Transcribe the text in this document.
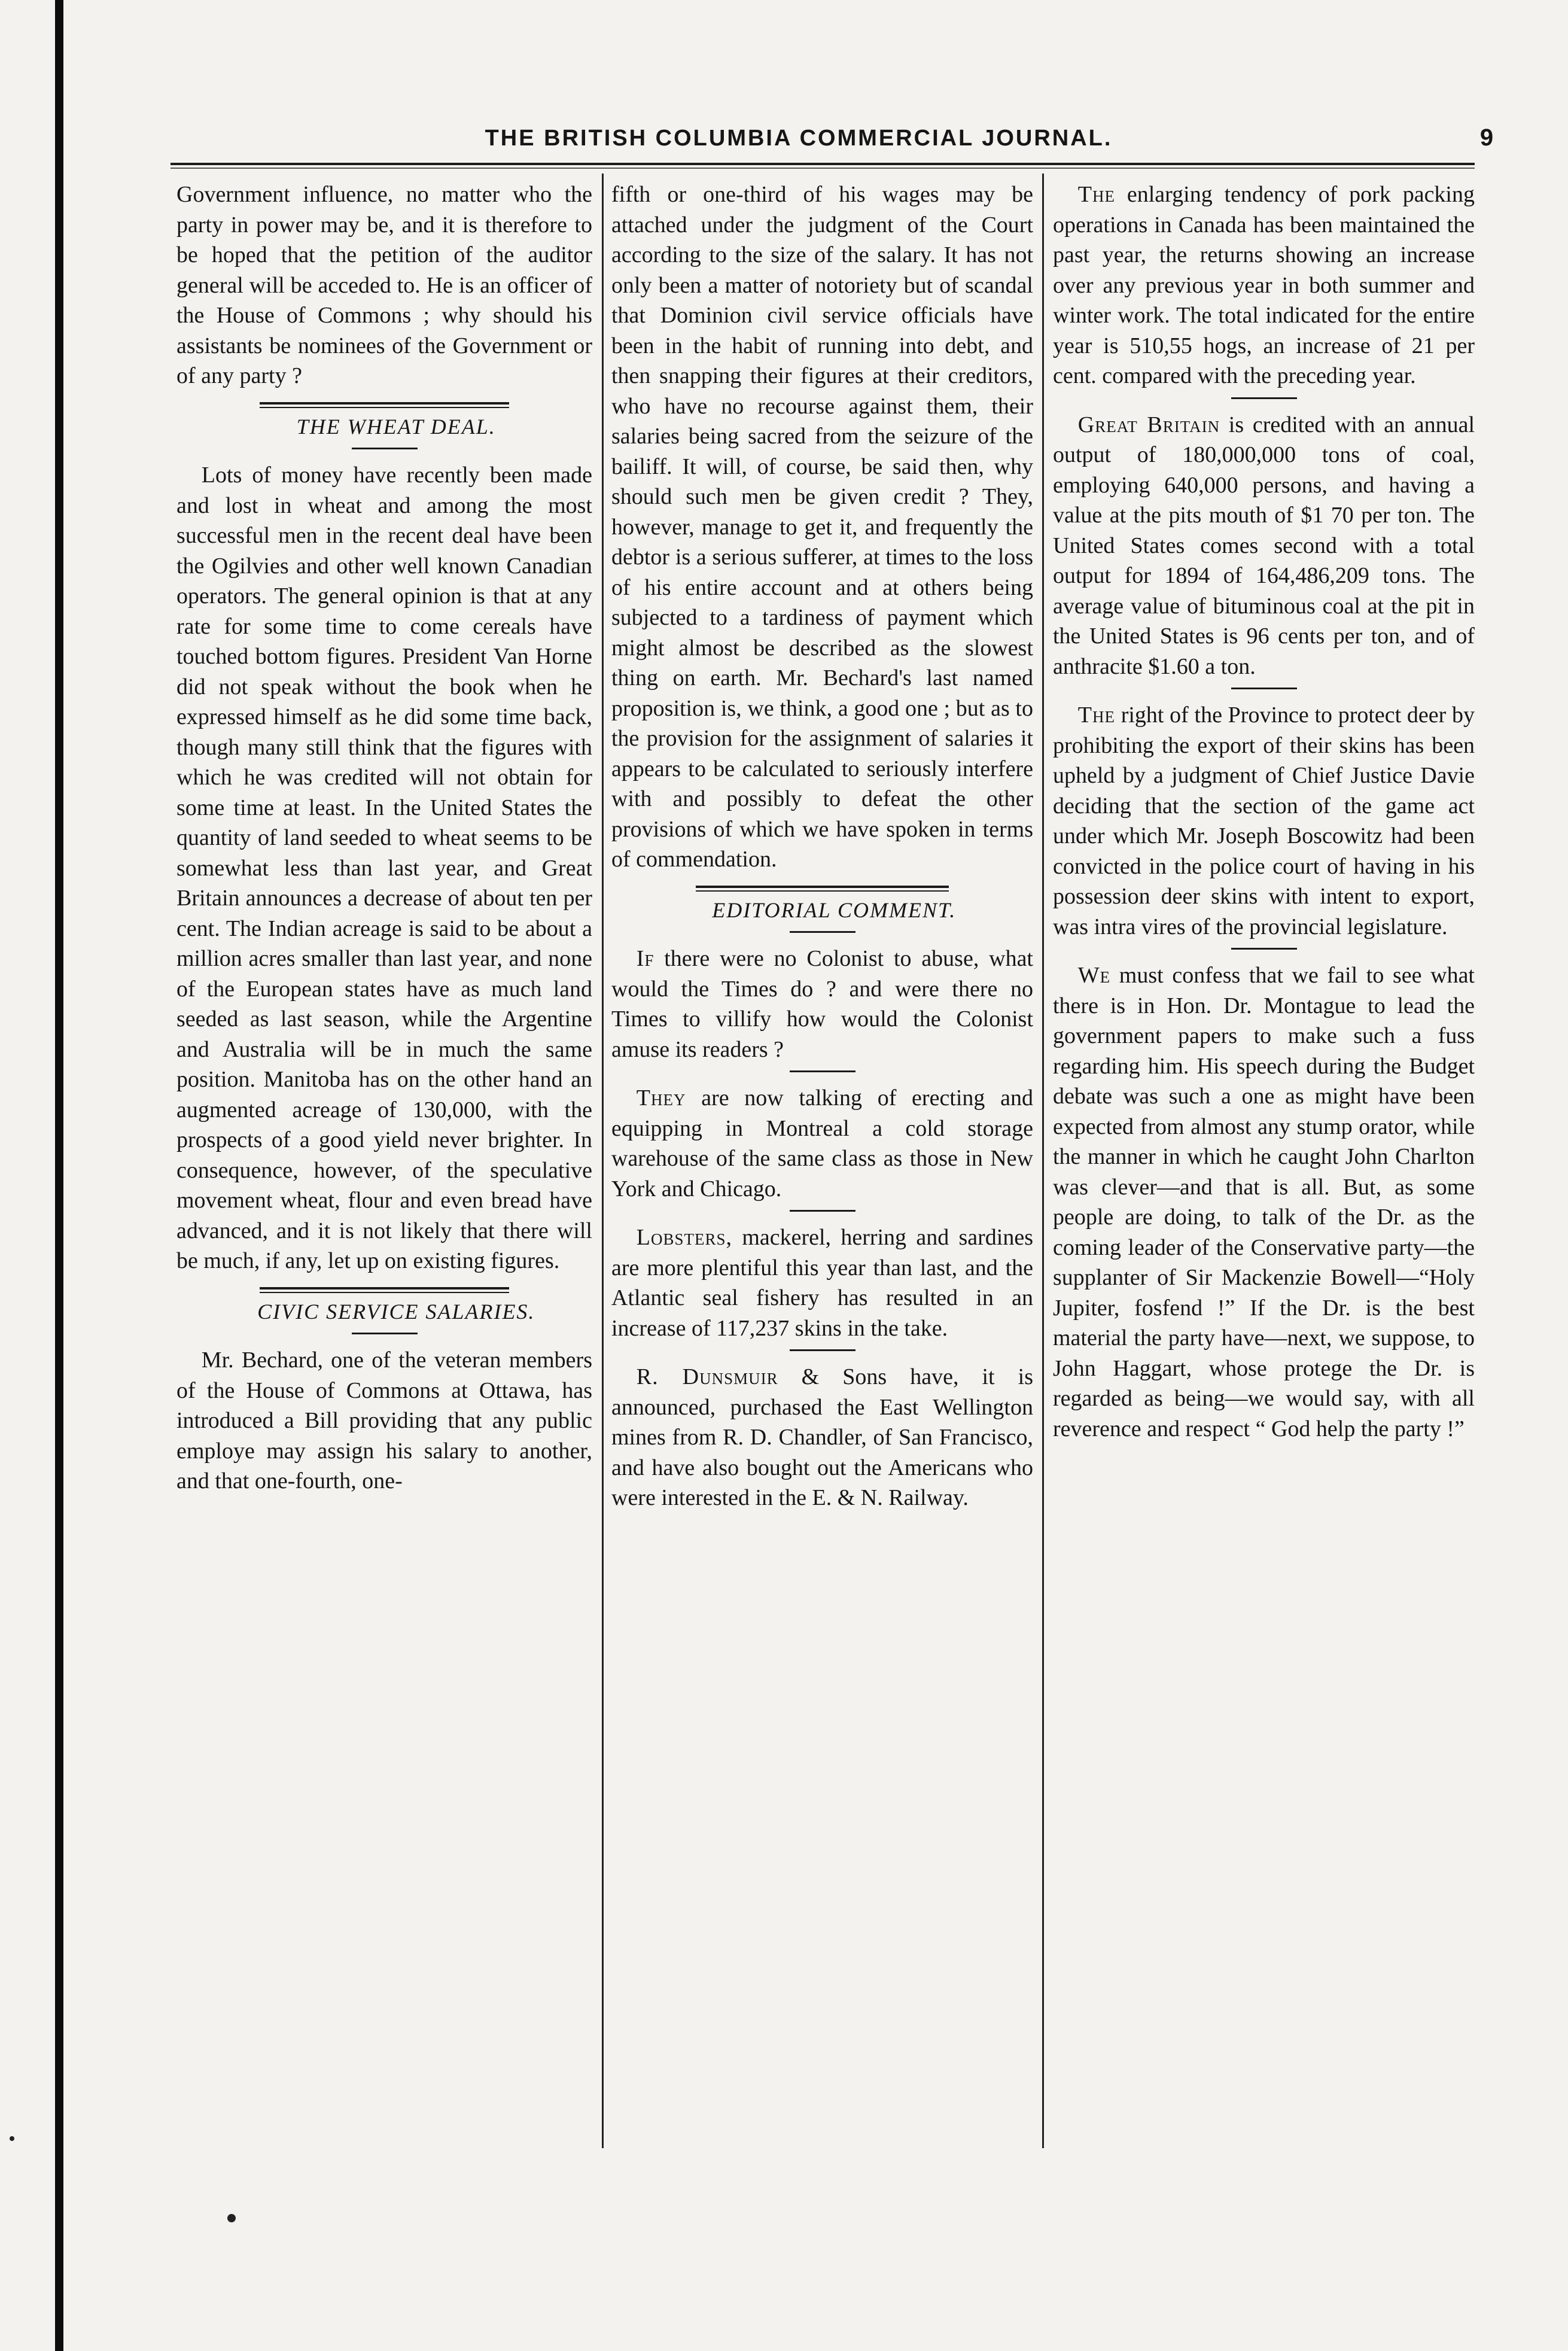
THE BRITISH COLUMBIA COMMERCIAL JOURNAL.	9

Government influence, no matter who the party in power may be, and it is therefore to be hoped that the petition of the auditor general will be acceded to. He is an officer of the House of Commons ; why should his assistants be nominees of the Government or of any party ?

THE WHEAT DEAL.

Lots of money have recently been made and lost in wheat and among the most successful men in the recent deal have been the Ogilvies and other well known Canadian operators. The general opinion is that at any rate for some time to come cereals have touched bottom figures. President Van Horne did not speak without the book when he expressed himself as he did some time back, though many still think that the figures with which he was credited will not obtain for some time at least. In the United States the quantity of land seeded to wheat seems to be somewhat less than last year, and Great Britain announces a decrease of about ten per cent. The Indian acreage is said to be about a million acres smaller than last year, and none of the European states have as much land seeded as last season, while the Argentine and Australia will be in much the same position. Manitoba has on the other hand an augmented acreage of 130,000, with the prospects of a good yield never brighter. In consequence, however, of the speculative movement wheat, flour and even bread have advanced, and it is not likely that there will be much, if any, let up on existing figures.

CIVIC SERVICE SALARIES.

Mr. Bechard, one of the veteran members of the House of Commons at Ottawa, has introduced a Bill providing that any public employe may assign his salary to another, and that one-fourth, one-

fifth or one-third of his wages may be attached under the judgment of the Court according to the size of the salary. It has not only been a matter of notoriety but of scandal that Dominion civil service officials have been in the habit of running into debt, and then snapping their figures at their creditors, who have no recourse against them, their salaries being sacred from the seizure of the bailiff. It will, of course, be said then, why should such men be given credit ? They, however, manage to get it, and frequently the debtor is a serious sufferer, at times to the loss of his entire account and at others being subjected to a tardiness of payment which might almost be described as the slowest thing on earth. Mr. Bechard's last named proposition is, we think, a good one ; but as to the provision for the assignment of salaries it appears to be calculated to seriously interfere with and possibly to defeat the other provisions of which we have spoken in terms of commendation.

EDITORIAL COMMENT.

If there were no Colonist to abuse, what would the Times do ? and were there no Times to villify how would the Colonist amuse its readers ?

They are now talking of erecting and equipping in Montreal a cold storage warehouse of the same class as those in New York and Chicago.

Lobsters, mackerel, herring and sardines are more plentiful this year than last, and the Atlantic seal fishery has resulted in an increase of 117,237 skins in the take.

R. Dunsmuir & Sons have, it is announced, purchased the East Wellington mines from R. D. Chandler, of San Francisco, and have also bought out the Americans who were interested in the E. & N. Railway.

The enlarging tendency of pork packing operations in Canada has been maintained the past year, the returns showing an increase over any previous year in both summer and winter work. The total indicated for the entire year is 510,55 hogs, an increase of 21 per cent. compared with the preceding year.

Great Britain is credited with an annual output of 180,000,000 tons of coal, employing 640,000 persons, and having a value at the pits mouth of $1 70 per ton. The United States comes second with a total output for 1894 of 164,486,209 tons. The average value of bituminous coal at the pit in the United States is 96 cents per ton, and of anthracite $1.60 a ton.

The right of the Province to protect deer by prohibiting the export of their skins has been upheld by a judgment of Chief Justice Davie deciding that the section of the game act under which Mr. Joseph Boscowitz had been convicted in the police court of having in his possession deer skins with intent to export, was intra vires of the provincial legislature.

We must confess that we fail to see what there is in Hon. Dr. Montague to lead the government papers to make such a fuss regarding him. His speech during the Budget debate was such a one as might have been expected from almost any stump orator, while the manner in which he caught John Charlton was clever—and that is all. But, as some people are doing, to talk of the Dr. as the coming leader of the Conservative party—the supplanter of Sir Mackenzie Bowell—“Holy Jupiter, fosfend !” If the Dr. is the best material the party have—next, we suppose, to John Haggart, whose protege the Dr. is regarded as being—we would say, with all reverence and respect “ God help the party !”
